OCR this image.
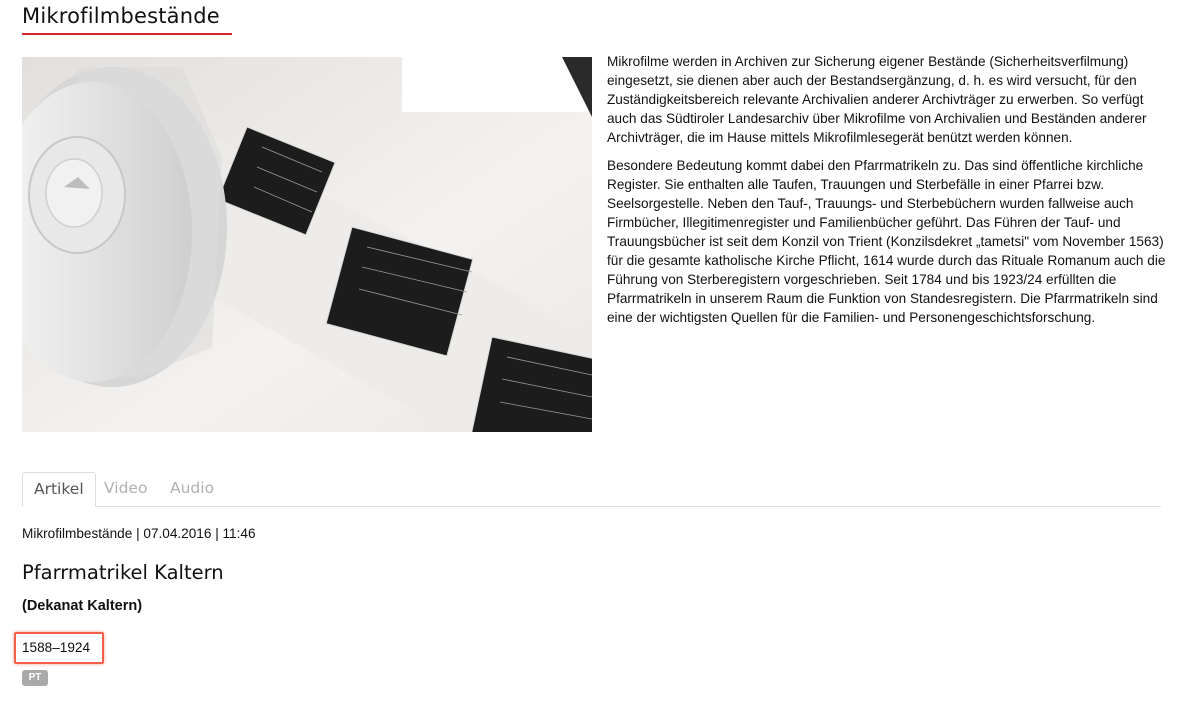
Mikrofilmbestände

Mikrofilme werden in Archiven zur Sicherung eigener Bestände (Sicherheitsverfilmung) eingesetzt, sie dienen aber auch der Bestandsergänzung, d. h. es wird versucht, für den Zuständigkeitsbereich relevante Archivalien anderer Archivträger zu erwerben. So verfügt auch das Südtiroler Landesarchiv über Mikrofilme von Archivalien und Beständen anderer Archivträger, die im Hause mittels Mikrofilmlesegerät benützt werden können.

Besondere Bedeutung kommt dabei den Pfarrmatrikeln zu. Das sind öffentliche kirchliche Register. Sie enthalten alle Taufen, Trauungen und Sterbefälle in einer Pfarrei bzw. Seelsorgestelle. Neben den Tauf-, Trauungs- und Sterbebüchern wurden fallweise auch Firmbücher, Illegitimenregister und Familienbücher geführt. Das Führen der Tauf- und Trauungsbücher ist seit dem Konzil von Trient (Konzilsdekret „tametsi" vom November 1563) für die gesamte katholische Kirche Pflicht, 1614 wurde durch das Rituale Romanum auch die Führung von Sterberegistern vorgeschrieben. Seit 1784 und bis 1923/24 erfüllten die Pfarrmatrikeln in unserem Raum die Funktion von Standesregistern. Die Pfarrmatrikeln sind eine der wichtigsten Quellen für die Familien- und Personengeschichtsforschung.

Artikel	Video	Audio
Mikrofilmbestände | 07.04.2016 | 11:46
Pfarrmatrikel Kaltern
(Dekanat Kaltern)
1588–1924
PT
